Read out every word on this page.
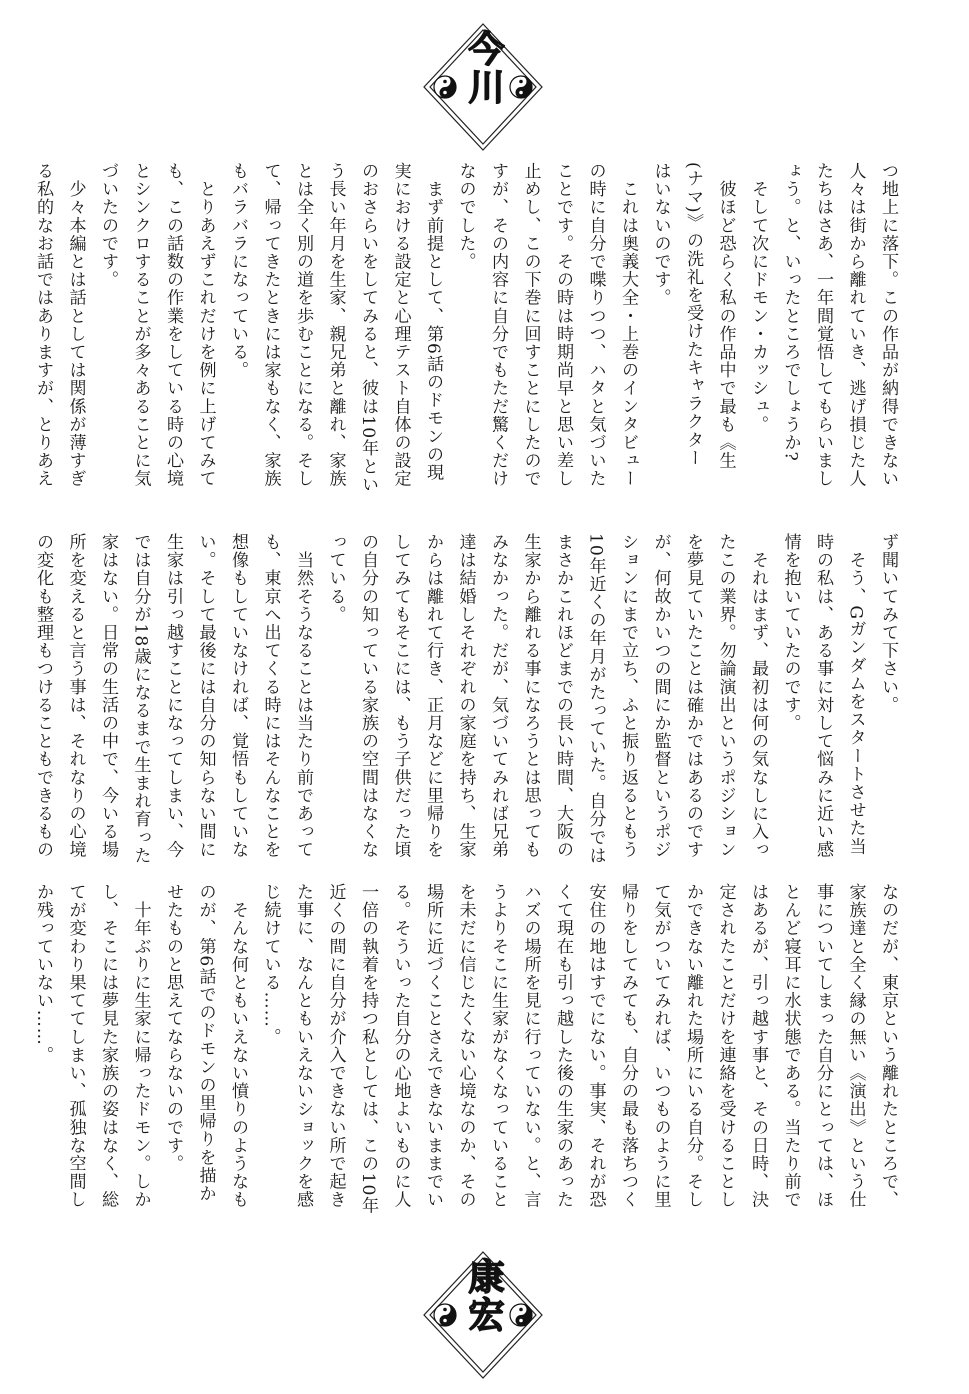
今川

つ地上に落下。この作品が納得できない

人々は街から離れていき、逃げ損じた人

たちはさあ、一年間覚悟してもらいまし

ょう。と、いったところでしょうか?

　そして次にドモン・カッシュ。

　彼ほど恐らく私の作品中で最も《生

(ナマ)》の洗礼を受けたキャラクター

はいないのです。

　これは奥義大全・上巻のインタビュー

の時に自分で喋りつつ、ハタと気づいた

ことです。その時は時期尚早と思い差し

止めし、この下巻に回すことにしたので

すが、その内容に自分でもただ驚くだけ

なのでした。

　まず前提として、第6話のドモンの現

実における設定と心理テスト自体の設定

のおさらいをしてみると、彼は10年とい

う長い年月を生家、親兄弟と離れ、家族

とは全く別の道を歩むことになる。そし

て、帰ってきたときには家もなく、家族

もバラバラになっている。

　とりあえずこれだけを例に上げてみて

も、この話数の作業をしている時の心境

とシンクロすることが多々あることに気

づいたのです。

　少々本編とは話としては関係が薄すぎ

る私的なお話ではありますが、とりあえ

ず聞いてみて下さい。

　そう、Gガンダムをスタートさせた当

時の私は、ある事に対して悩みに近い感

情を抱いていたのです。

　それはまず、最初は何の気なしに入っ

たこの業界。勿論演出というポジション

を夢見ていたことは確かではあるのです

が、何故かいつの間にか監督というポジ

ションにまで立ち、ふと振り返るともう

10年近くの年月がたっていた。自分では

まさかこれほどまでの長い時間、大阪の

生家から離れる事になろうとは思っても

みなかった。だが、気づいてみれば兄弟

達は結婚しそれぞれの家庭を持ち、生家

からは離れて行き、正月などに里帰りを

してみてもそこには、もう子供だった頃

の自分の知っている家族の空間はなくな

っている。

　当然そうなることは当たり前であって

も、東京へ出てくる時にはそんなことを

想像もしていなければ、覚悟もしていな

い。そして最後には自分の知らない間に

生家は引っ越すことになってしまい、今

では自分が18歳になるまで生まれ育った

家はない。日常の生活の中で、今いる場

所を変えると言う事は、それなりの心境

の変化も整理もつけることもできるもの

なのだが、東京という離れたところで、

家族達と全く縁の無い《演出》という仕

事についてしまった自分にとっては、ほ

とんど寝耳に水状態である。当たり前で

はあるが、引っ越す事と、その日時、決

定されたことだけを連絡を受けることし

かできない離れた場所にいる自分。そし

て気がついてみれば、いつものように里

帰りをしてみても、自分の最も落ちつく

安住の地はすでにない。事実、それが恐

くて現在も引っ越した後の生家のあった

ハズの場所を見に行っていない。と、言

うよりそこに生家がなくなっていること

を未だに信じたくない心境なのか、その

場所に近づくことさえできないままでい

る。そういった自分の心地よいものに人

一倍の執着を持つ私としては、この10年

近くの間に自分が介入できない所で起き

た事に、なんともいえないショックを感

じ続けている……。

　そんな何ともいえない憤りのようなも

のが、第6話でのドモンの里帰りを描か

せたものと思えてならないのです。

　十年ぶりに生家に帰ったドモン。しか

し、そこには夢見た家族の姿はなく、総

てが変わり果ててしまい、孤独な空間し

か残っていない……。

康宏
